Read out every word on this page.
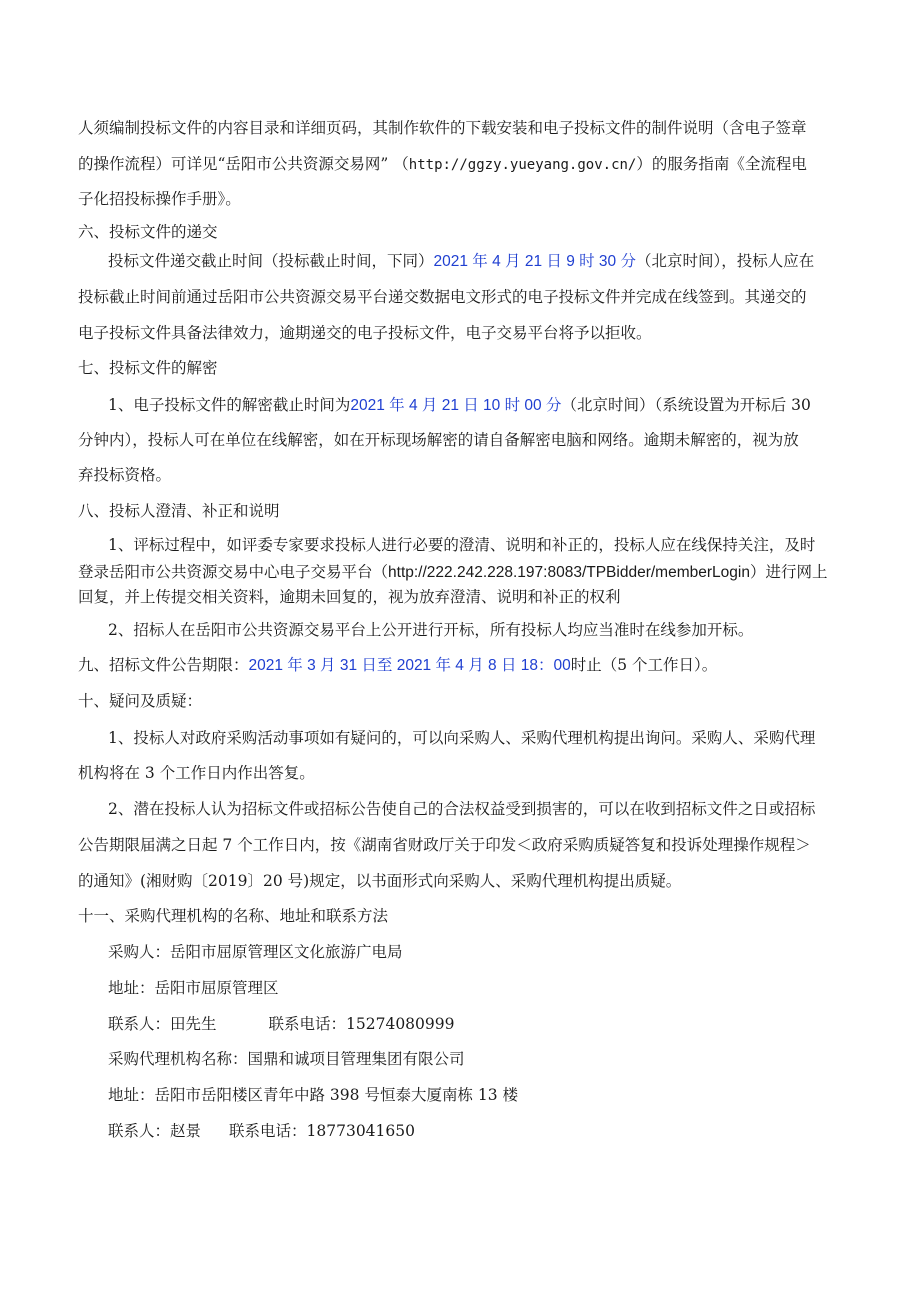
人须编制投标文件的内容目录和详细页码，其制作软件的下载安装和电子投标文件的制件说明（含电子签章
的操作流程）可详见“岳阳市公共资源交易网” （http://ggzy.yueyang.gov.cn/）的服务指南《全流程电
子化招投标操作手册》。
六、投标文件的递交
投标文件递交截止时间（投标截止时间，下同）2021 年 4 月 21 日 9 时 30 分（北京时间），投标人应在
投标截止时间前通过岳阳市公共资源交易平台递交数据电文形式的电子投标文件并完成在线签到。其递交的
电子投标文件具备法律效力，逾期递交的电子投标文件，电子交易平台将予以拒收。
七、投标文件的解密
1、电子投标文件的解密截止时间为2021 年 4 月 21 日 10 时 00 分（北京时间）（系统设置为开标后 30
分钟内），投标人可在单位在线解密，如在开标现场解密的请自备解密电脑和网络。逾期未解密的，视为放
弃投标资格。
八、投标人澄清、补正和说明
1、评标过程中，如评委专家要求投标人进行必要的澄清、说明和补正的，投标人应在线保持关注，及时
登录岳阳市公共资源交易中心电子交易平台（http://222.242.228.197:8083/TPBidder/memberLogin）进行网上
回复，并上传提交相关资料，逾期未回复的，视为放弃澄清、说明和补正的权利
2、招标人在岳阳市公共资源交易平台上公开进行开标，所有投标人均应当准时在线参加开标。
九、招标文件公告期限：2021 年 3 月 31 日至 2021 年 4 月 8 日 18：00时止（5 个工作日）。
十、疑问及质疑：
1、投标人对政府采购活动事项如有疑问的，可以向采购人、采购代理机构提出询问。采购人、采购代理
机构将在 3 个工作日内作出答复。
2、潜在投标人认为招标文件或招标公告使自己的合法权益受到损害的，可以在收到招标文件之日或招标
公告期限届满之日起 7 个工作日内，按《湖南省财政厅关于印发＜政府采购质疑答复和投诉处理操作规程＞
的通知》(湘财购〔2019〕20 号)规定，以书面形式向采购人、采购代理机构提出质疑。
十一、采购代理机构的名称、地址和联系方法
采购人：岳阳市屈原管理区文化旅游广电局
地址：岳阳市屈原管理区
联系人：田先生	联系电话：15274080999
采购代理机构名称：国鼎和诚项目管理集团有限公司
地址：岳阳市岳阳楼区青年中路 398 号恒泰大厦南栋 13 楼
联系人：赵景 联系电话：18773041650
